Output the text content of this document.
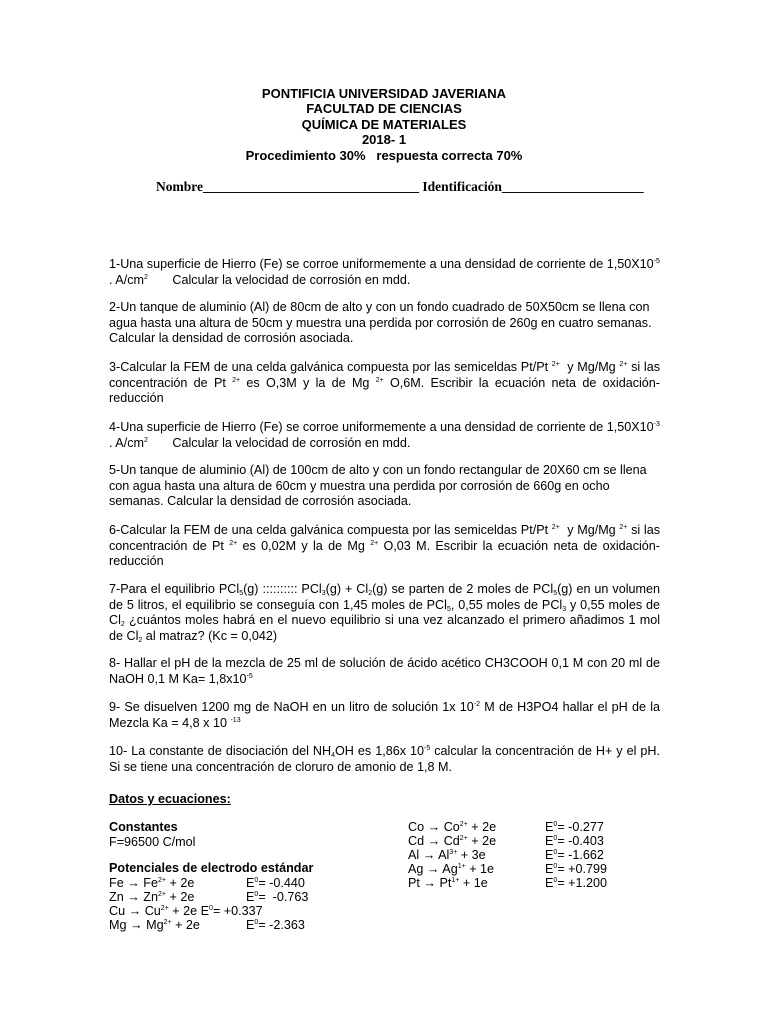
PONTIFICIA UNIVERSIDAD JAVERIANA
FACULTAD DE CIENCIAS
QUÍMICA DE MATERIALES
2018- 1
Procedimiento 30%   respuesta correcta 70%
Nombre________________________________ Identificación_____________________
1-Una superficie de Hierro (Fe) se corroe uniformemente a una densidad de corriente de $1,50X10^{-5}$ . $A/cm^2$       Calcular la velocidad de corrosión en mdd.
2-Un tanque de aluminio (Al) de 80cm de alto y con un fondo cuadrado de 50X50cm se llena con agua hasta una altura de 50cm y muestra una perdida por corrosión de 260g en cuatro semanas. Calcular la densidad de corrosión asociada.
3-Calcular la FEM de una celda galvánica compuesta por las semiceldas Pt/Pt $^{2+}$  y Mg/Mg $^{2+}$ si las concentración de Pt $^{2+}$ es O,3M y la de Mg $^{2+}$ O,6M. Escribir la ecuación neta de oxidación-reducción
4-Una superficie de Hierro (Fe) se corroe uniformemente a una densidad de corriente de $1,50X10^{-3}$ . $A/cm^2$       Calcular la velocidad de corrosión en mdd.
5-Un tanque de aluminio (Al) de 100cm de alto y con un fondo rectangular de 20X60 cm se llena con agua hasta una altura de 60cm y muestra una perdida por corrosión de 660g en ocho semanas. Calcular la densidad de corrosión asociada.
6-Calcular la FEM de una celda galvánica compuesta por las semiceldas Pt/Pt $^{2+}$  y Mg/Mg $^{2+}$ si las concentración de Pt $^{2+}$ es 0,02M y la de Mg $^{2+}$ O,03 M. Escribir la ecuación neta de oxidación-reducción
7-Para el equilibrio PCl$_5$(g) :::::::::: $PCl_3(g) + Cl_2(g)$ se parten de 2 moles de PCl$_5$(g) en un volumen de 5 litros, el equilibrio se conseguía con 1,45 moles de PCl$_5$, 0,55 moles de PCl$_3$ y 0,55 moles de $Cl_2$ ¿cuántos moles habrá en el nuevo equilibrio si una vez alcanzado el primero añadimos 1 mol de $Cl_2$ al matraz? (Kc = 0,042)
8- Hallar el pH de la mezcla de 25 ml de solución de ácido acético CH3COOH 0,1 M con 20 ml de NaOH 0,1 M $Ka= 1,8x10^{-5}$
9- Se disuelven 1200 mg de NaOH en un litro de solución 1x $10^{-2}$ M de H3PO4 hallar el pH de la Mezcla Ka = 4,8 x 10 $^{-13}$
10- La constante de disociación del $NH_4OH$ es 1,86x $10^{-5}$ calcular la concentración de H+ y el pH. Si se tiene una concentración de cloruro de amonio de 1,8 M.
Datos y ecuaciones:
Constantes
F=96500 C/mol
Potenciales de electrodo estándar
$Fe \to Fe^{2+} + 2e$	$E^0= -0.440$
$Zn \to Zn^{2+} + 2e$	$E^0= -0.763$
$Cu \to Cu^{2+} + 2e$ $E^0= +0.337$
$Mg \to Mg^{2+} + 2e$	$E^0= -2.363$
$Co \to Co^{2+} + 2e$	$E^0= -0.277$
$Cd \to Cd^{2+} + 2e$	$E^0= -0.403$
$Al \to Al^{3+} + 3e$	$E^0= -1.662$
$Ag \to Ag^{1+} + 1e$	$E^0= +0.799$
$Pt \to Pt^{1+} + 1e$	$E^0= +1.200$
